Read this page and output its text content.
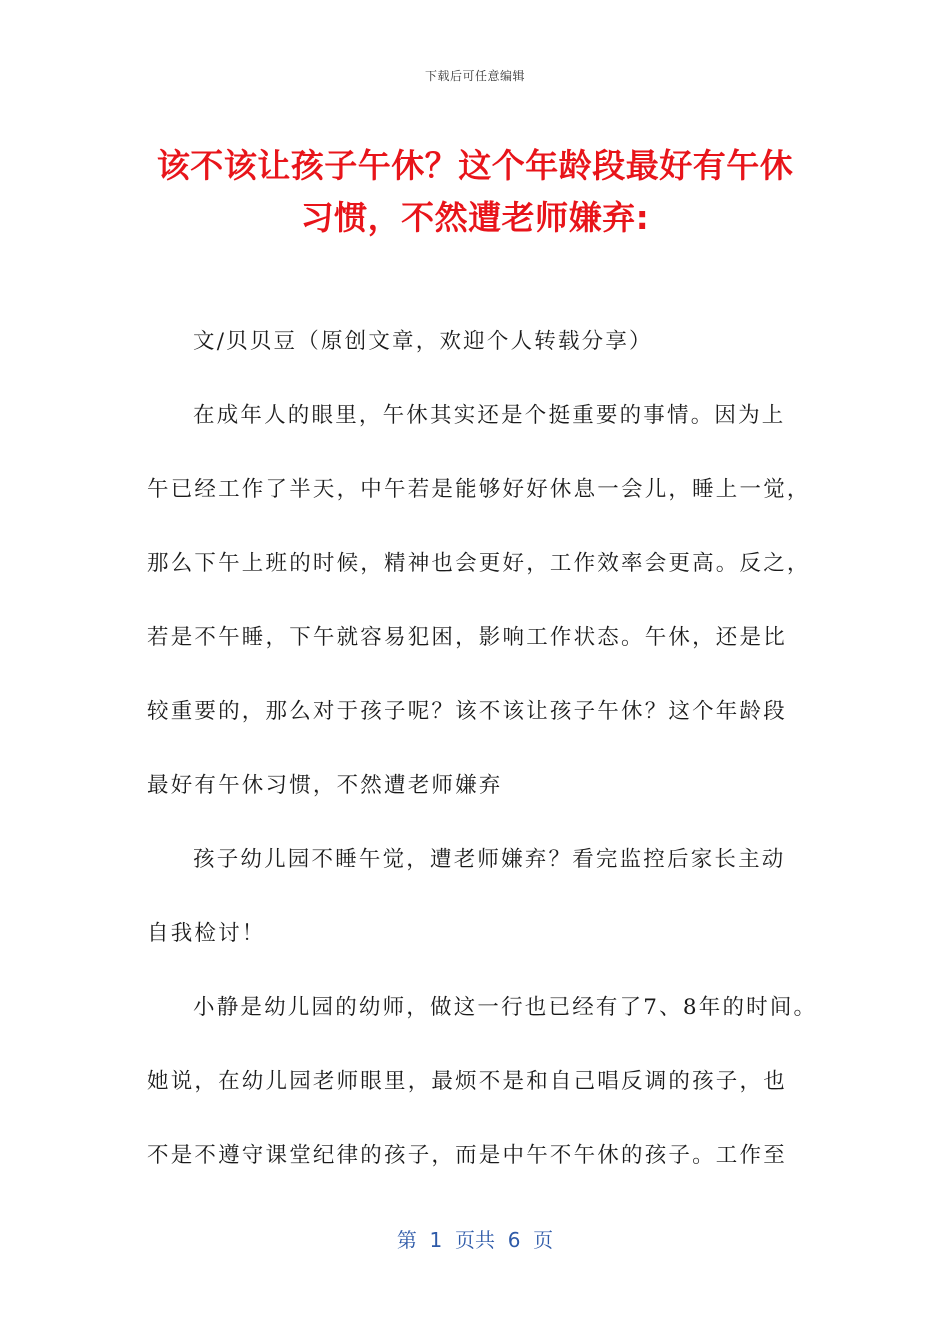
下载后可任意编辑
该不该让孩子午休？这个年龄段最好有午休
习惯，不然遭老师嫌弃:
文/贝贝豆（原创文章，欢迎个人转载分享）
在成年人的眼里，午休其实还是个挺重要的事情。因为上
午已经工作了半天，中午若是能够好好休息一会儿，睡上一觉，
那么下午上班的时候，精神也会更好，工作效率会更高。反之，
若是不午睡，下午就容易犯困，影响工作状态。午休，还是比
较重要的，那么对于孩子呢？该不该让孩子午休？这个年龄段
最好有午休习惯，不然遭老师嫌弃
孩子幼儿园不睡午觉，遭老师嫌弃？看完监控后家长主动
自我检讨！
小静是幼儿园的幼师，做这一行也已经有了7、8年的时间。
她说，在幼儿园老师眼里，最烦不是和自己唱反调的孩子，也
不是不遵守课堂纪律的孩子，而是中午不午休的孩子。工作至
第  1  页共  6  页
